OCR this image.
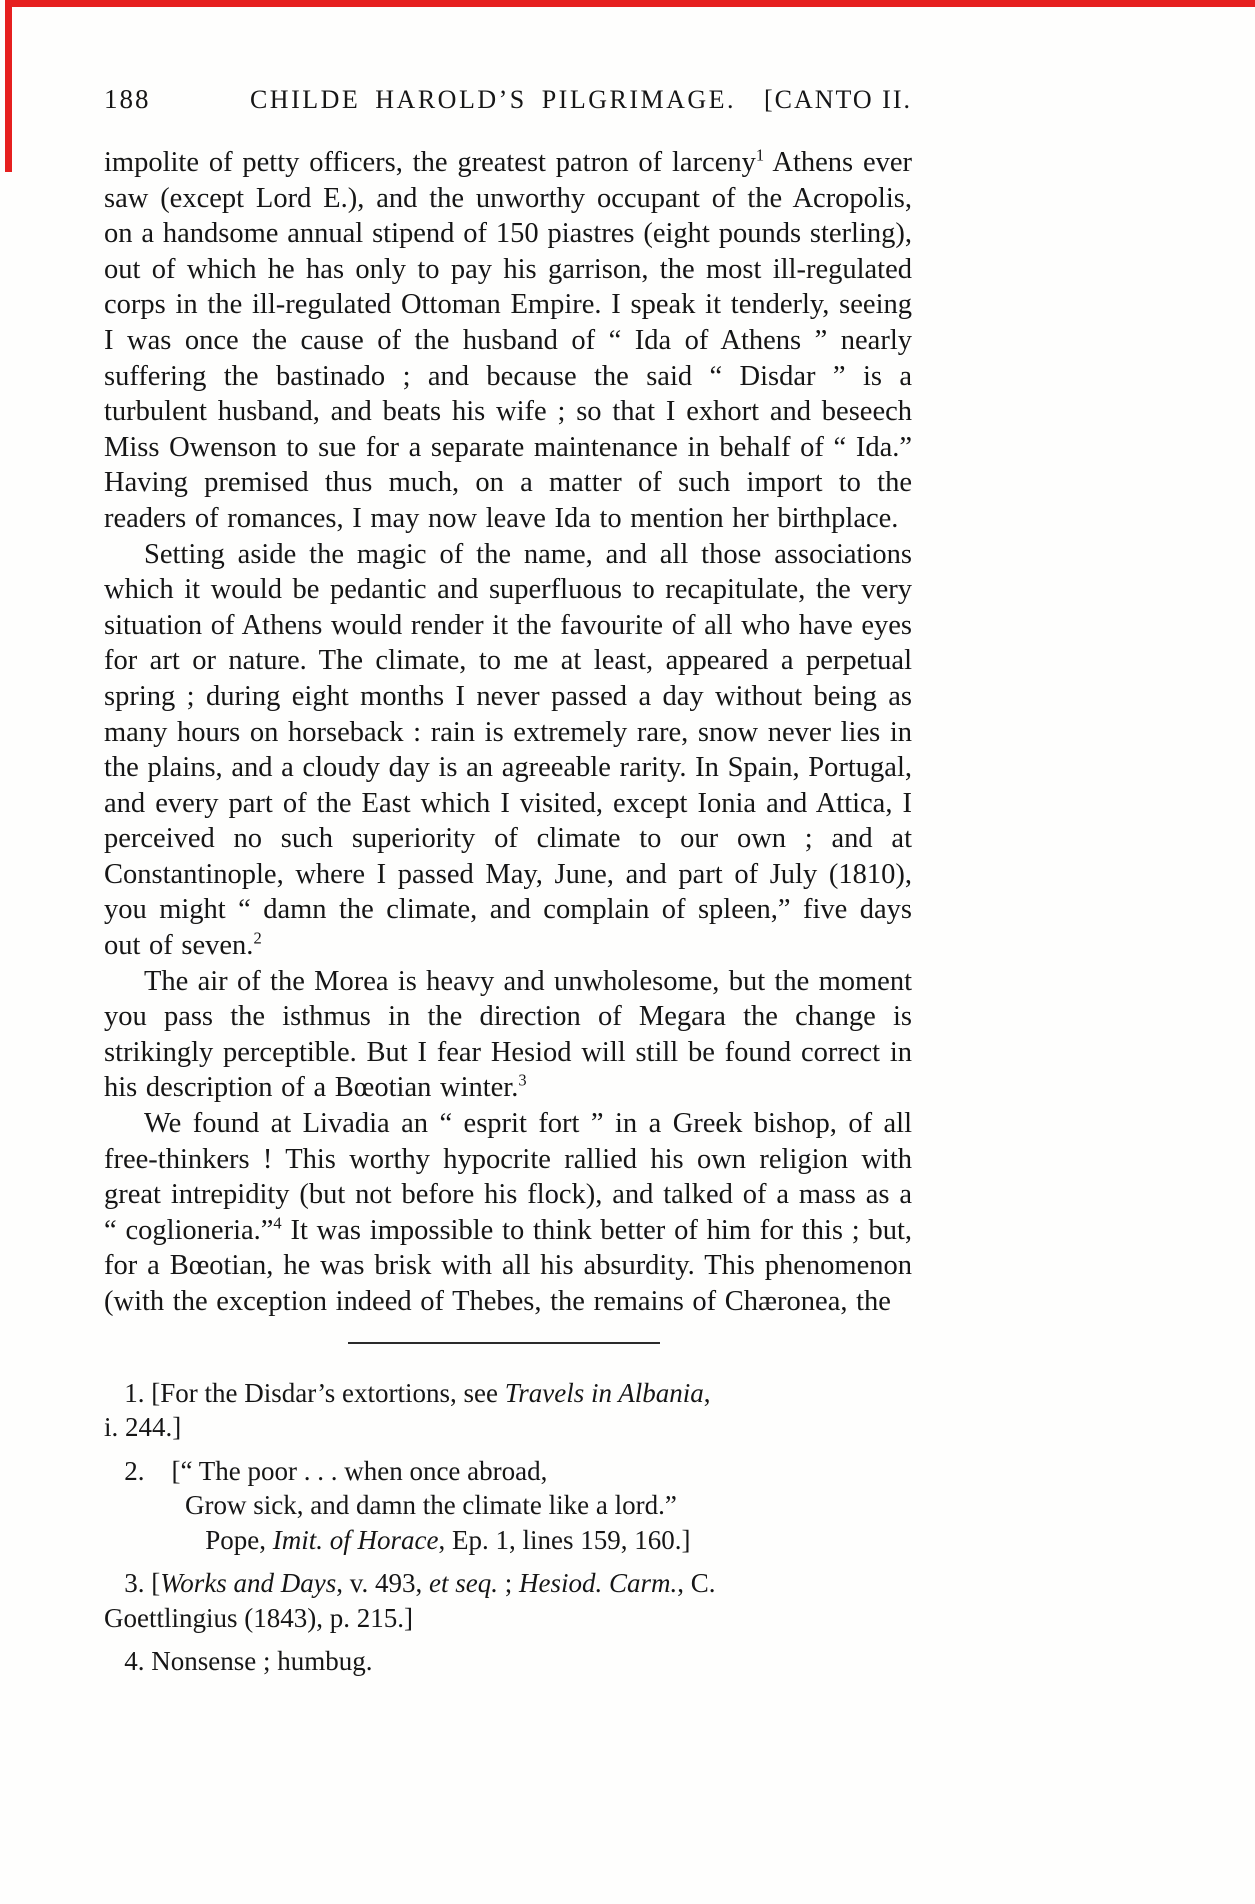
188	CHILDE HAROLD’S PILGRIMAGE.	[CANTO II.

impolite of petty officers, the greatest patron of larceny$^1$ Athens ever saw (except Lord E.), and the unworthy occupant of the Acropolis, on a handsome annual stipend of 150 piastres (eight pounds sterling), out of which he has only to pay his garrison, the most ill-regulated corps in the ill-regulated Ottoman Empire. I speak it tenderly, seeing I was once the cause of the husband of “ Ida of Athens ” nearly suffering the bastinado ; and because the said “ Disdar ” is a turbulent husband, and beats his wife ; so that I exhort and beseech Miss Owenson to sue for a separate maintenance in behalf of “ Ida.” Having premised thus much, on a matter of such import to the readers of romances, I may now leave Ida to mention her birthplace.

Setting aside the magic of the name, and all those associations which it would be pedantic and superfluous to recapitulate, the very situation of Athens would render it the favourite of all who have eyes for art or nature. The climate, to me at least, appeared a perpetual spring ; during eight months I never passed a day without being as many hours on horseback : rain is extremely rare, snow never lies in the plains, and a cloudy day is an agreeable rarity. In Spain, Portugal, and every part of the East which I visited, except Ionia and Attica, I perceived no such superiority of climate to our own ; and at Constantinople, where I passed May, June, and part of July (1810), you might “ damn the climate, and complain of spleen,” five days out of seven.$^2$

The air of the Morea is heavy and unwholesome, but the moment you pass the isthmus in the direction of Megara the change is strikingly perceptible. But I fear Hesiod will still be found correct in his description of a Bœotian winter.$^3$

We found at Livadia an “ esprit fort ” in a Greek bishop, of all free-thinkers ! This worthy hypocrite rallied his own religion with great intrepidity (but not before his flock), and talked of a mass as a “ coglioneria.”$^4$ It was impossible to think better of him for this ; but, for a Bœotian, he was brisk with all his absurdity. This phenomenon (with the exception indeed of Thebes, the remains of Chæronea, the

1. [For the Disdar’s extortions, see Travels in Albania,
i. 244.]
2.    [“ The poor . . . when once abroad,
Grow sick, and damn the climate like a lord.”
Pope, Imit. of Horace, Ep. 1, lines 159, 160.]
3. [Works and Days, v. 493, et seq. ; Hesiod. Carm., C.
Goettlingius (1843), p. 215.]
4. Nonsense ; humbug.
